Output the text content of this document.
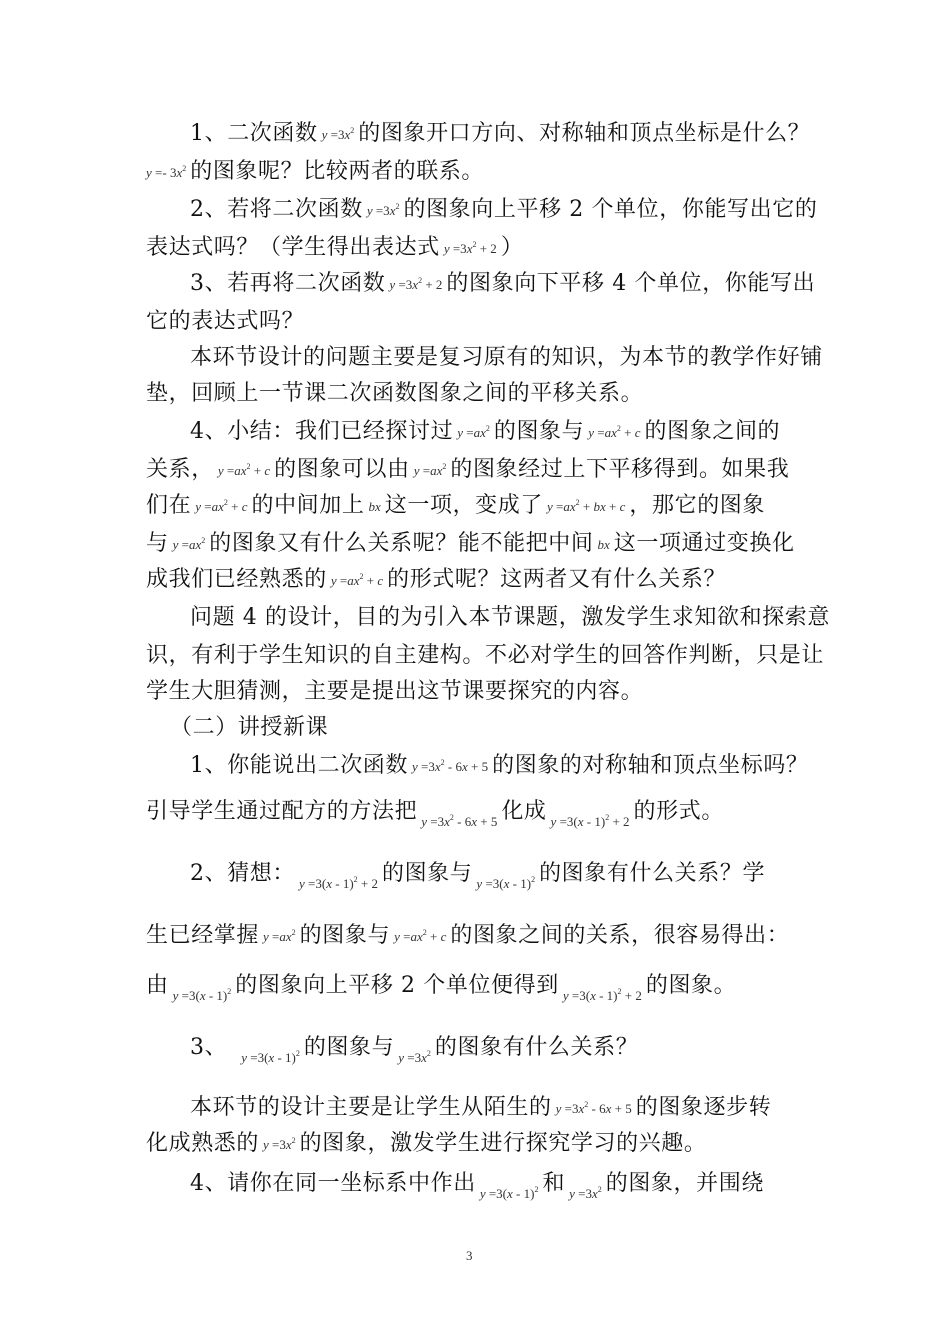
1、二次函数 $y =3x^2$ 的图象开口方向、对称轴和顶点坐标是什么？
$y =- 3x^2$ 的图象呢？比较两者的联系。
2、若将二次函数 $y =3x^2$ 的图象向上平移 2 个单位，你能写出它的
表达式吗？（学生得出表达式 $y =3x^2 + 2$ ）
3、若再将二次函数 $y =3x^2 + 2$ 的图象向下平移 4 个单位，你能写出
它的表达式吗？
本环节设计的问题主要是复习原有的知识，为本节的教学作好铺
垫，回顾上一节课二次函数图象之间的平移关系。
4、小结：我们已经探讨过 $y =ax^2$ 的图象与 $y =ax^2 + c$ 的图象之间的
关系， $y =ax^2 + c$ 的图象可以由 $y =ax^2$ 的图象经过上下平移得到。如果我
们在 $y =ax^2 + c$ 的中间加上 bx 这一项，变成了 $y =ax^2$ + bx + c ，那它的图象
与$y =ax^2$ 的图象又有什么关系呢？能不能把中间 bx 这一项通过变换化
成我们已经熟悉的 $y =ax^2 + c$ 的形式呢？这两者又有什么关系？
问题 4 的设计，目的为引入本节课题，激发学生求知欲和探索意
识，有利于学生知识的自主建构。不必对学生的回答作判断，只是让
学生大胆猜测，主要是提出这节课要探究的内容。
（二）讲授新课
1、你能说出二次函数 $y =3x^2 - 6x + 5$ 的图象的对称轴和顶点坐标吗？
引导学生通过配方的方法把 $_{y =3x^2 - 6x + 5}$ 化成 $_{y =3(x - 1)^2 + 2}$ 的形式。
2、猜想： $_{y =3(x - 1)^2 + 2}$ 的图象与 $_{y =3(x - 1)^2}$ 的图象有什么关系？学
生已经掌握 $y =ax^2$ 的图象与 $y =ax^2 + c$ 的图象之间的关系，很容易得出：
由 $_{y =3(x - 1)^2}$ 的图象向上平移 2 个单位便得到 $_{y =3(x - 1)^2 + 2}$ 的图象。
3、 $_{y =3(x - 1)^2}$ 的图象与 $_{y =3x^2}$ 的图象有什么关系？
本环节的设计主要是让学生从陌生的 $y =3x^2 - 6x + 5$ 的图象逐步转
化成熟悉的 $y =3x^2$ 的图象，激发学生进行探究学习的兴趣。
4、请你在同一坐标系中作出 $_{y =3(x - 1)^2}$ 和 $_{y =3x^2}$ 的图象，并围绕
3
